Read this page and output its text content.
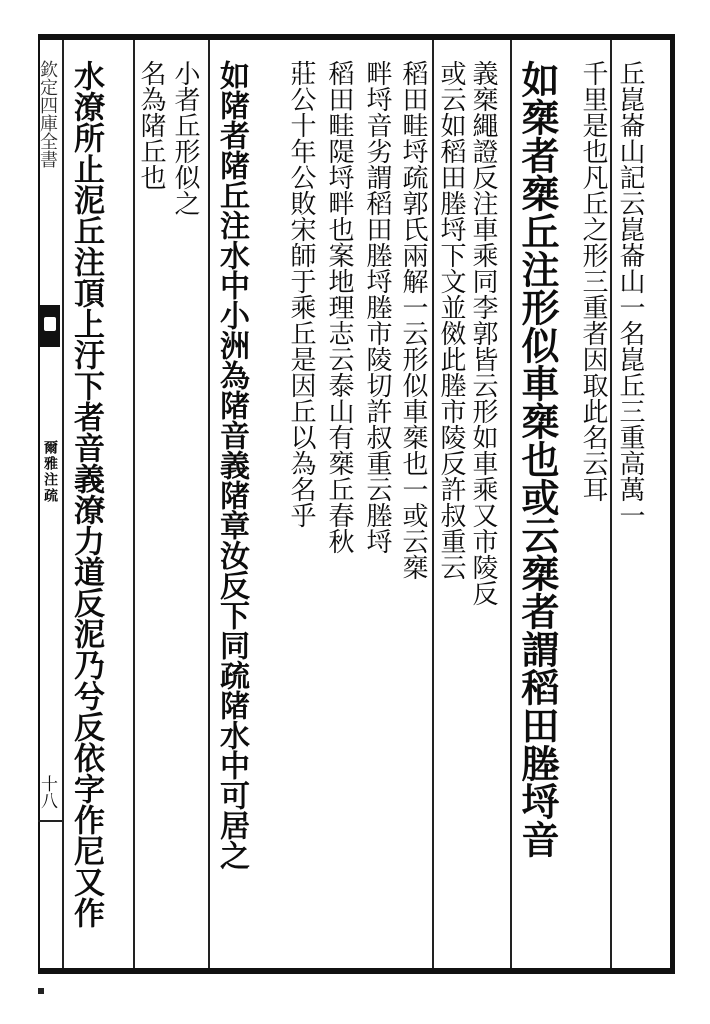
欽定四庫全書
爾雅注疏
十八
丘崑崙山記云崑崙山一名崑丘三重高萬一
千里是也凡丘之形三重者因取此名云耳
如椉者椉丘注形似車椉也或云椉者謂稻田塍埒音
義椉繩證反注車乘同李郭皆云形如車乘又市陵反
或云如稻田塍埒下文並傚此塍市陵反許叔重云
稻田畦埒疏郭氏兩解一云形似車椉也一或云椉
畔埒音劣謂稻田塍埒塍市陵切許叔重云塍埒
稻田畦隄埒畔也案地理志云泰山有椉丘春秋
莊公十年公敗宋師于乘丘是因丘以為名乎
如陼者陼丘注水中小洲為陼音義陼章汝反下同疏陼水中可居之
小者丘形似之
名為陼丘也
水潦所止泥丘注頂上汙下者音義潦力道反泥乃兮反依字作尼又作
